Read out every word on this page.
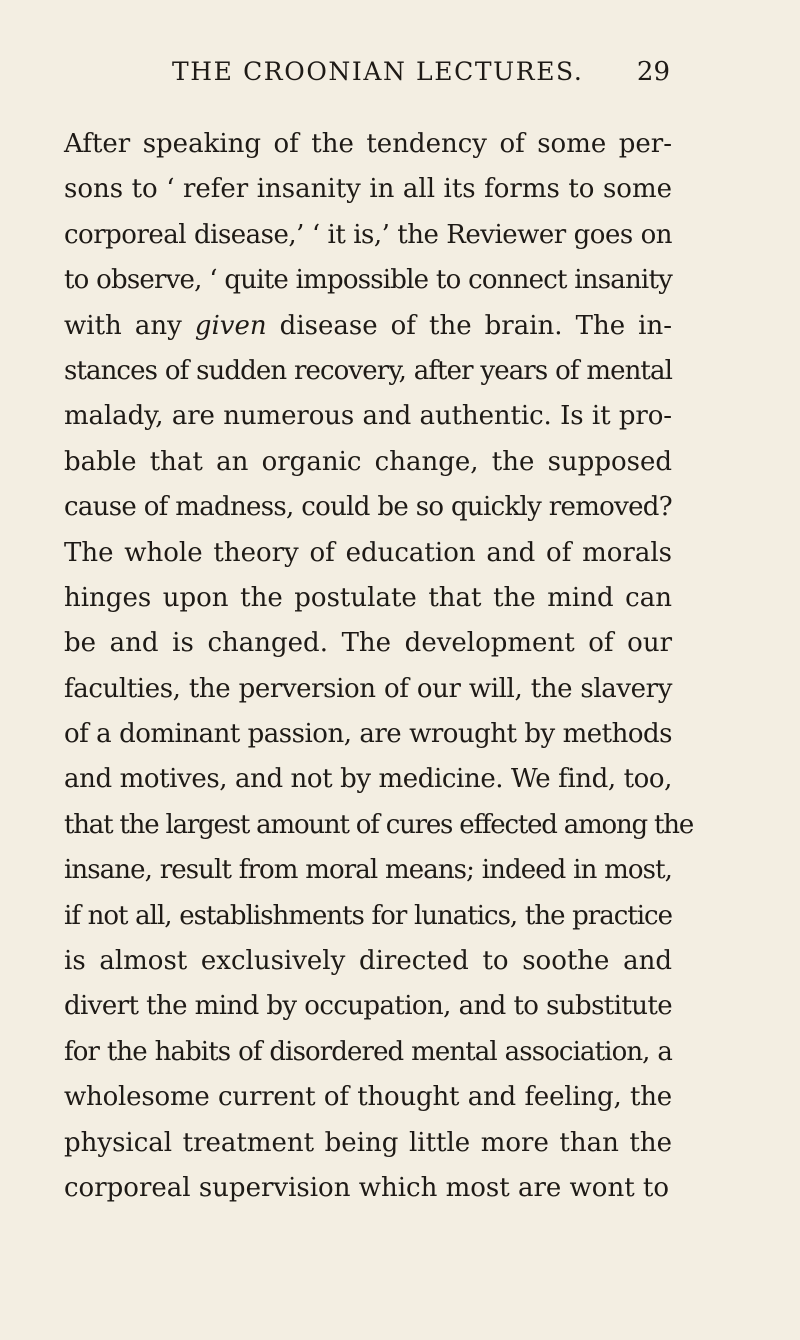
THE CROONIAN LECTURES. 29
After speaking of the tendency of some per-
sons to ‘ refer insanity in all its forms to some
corporeal disease,’ ‘ it is,’ the Reviewer goes on
to observe, ‘ quite impossible to connect insanity
with any given disease of the brain. The in-
stances of sudden recovery, after years of mental
malady, are numerous and authentic. Is it pro-
bable that an organic change, the supposed
cause of madness, could be so quickly removed?
The whole theory of education and of morals
hinges upon the postulate that the mind can
be and is changed. The development of our
faculties, the perversion of our will, the slavery
of a dominant passion, are wrought by methods
and motives, and not by medicine. We find, too,
that the largest amount of cures effected among the
insane, result from moral means; indeed in most,
if not all, establishments for lunatics, the practice
is almost exclusively directed to soothe and
divert the mind by occupation, and to substitute
for the habits of disordered mental association, a
wholesome current of thought and feeling, the
physical treatment being little more than the
corporeal supervision which most are wont to
